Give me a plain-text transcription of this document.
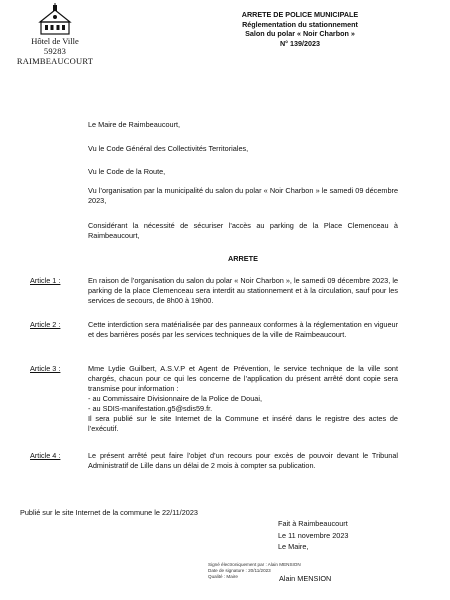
Hôtel de Ville
59283 RAIMBEAUCOURT
ARRETE DE POLICE MUNICIPALE
Réglementation du stationnement
Salon du polar « Noir Charbon »
N° 139/2023
Le Maire de Raimbeaucourt,
Vu le Code Général des Collectivités Territoriales,
Vu le Code de la Route,
Vu l’organisation par la municipalité du salon du polar « Noir Charbon » le samedi 09 décembre 2023,
Considérant la nécessité de sécuriser l’accès au parking de la Place Clemenceau à Raimbeaucourt,
ARRETE
Article 1 :	En raison de l’organisation du salon du polar « Noir Charbon », le samedi 09 décembre 2023, le parking de la place Clemenceau sera interdit au stationnement et à la circulation, sauf pour les services de secours, de 8h00 à 19h00.
Article 2 :	Cette interdiction sera matérialisée par des panneaux conformes à la réglementation en vigueur et des barrières posés par les services techniques de la ville de Raimbeaucourt.
Article 3 :	Mme Lydie Guilbert, A.S.V.P et Agent de Prévention, le service technique de la ville sont chargés, chacun pour ce qui les concerne de l’application du présent arrêté dont copie sera transmise pour information :
- au Commissaire Divisionnaire de la Police de Douai,
- au SDIS-manifestation.g5@sdis59.fr.
Il sera publié sur le site Internet de la Commune et inséré dans le registre des actes de l’exécutif.
Article 4 :	Le présent arrêté peut faire l’objet d’un recours pour excès de pouvoir devant le Tribunal Administratif de Lille dans un délai de 2 mois à compter sa publication.
Publié sur le site Internet de la commune le 22/11/2023
Fait à Raimbeaucourt
Le 11 novembre 2023
Le Maire,
Signé électroniquement par : Alain MENSION
Date de signature : 20/11/2023
Qualité : Maire	Alain MENSION
